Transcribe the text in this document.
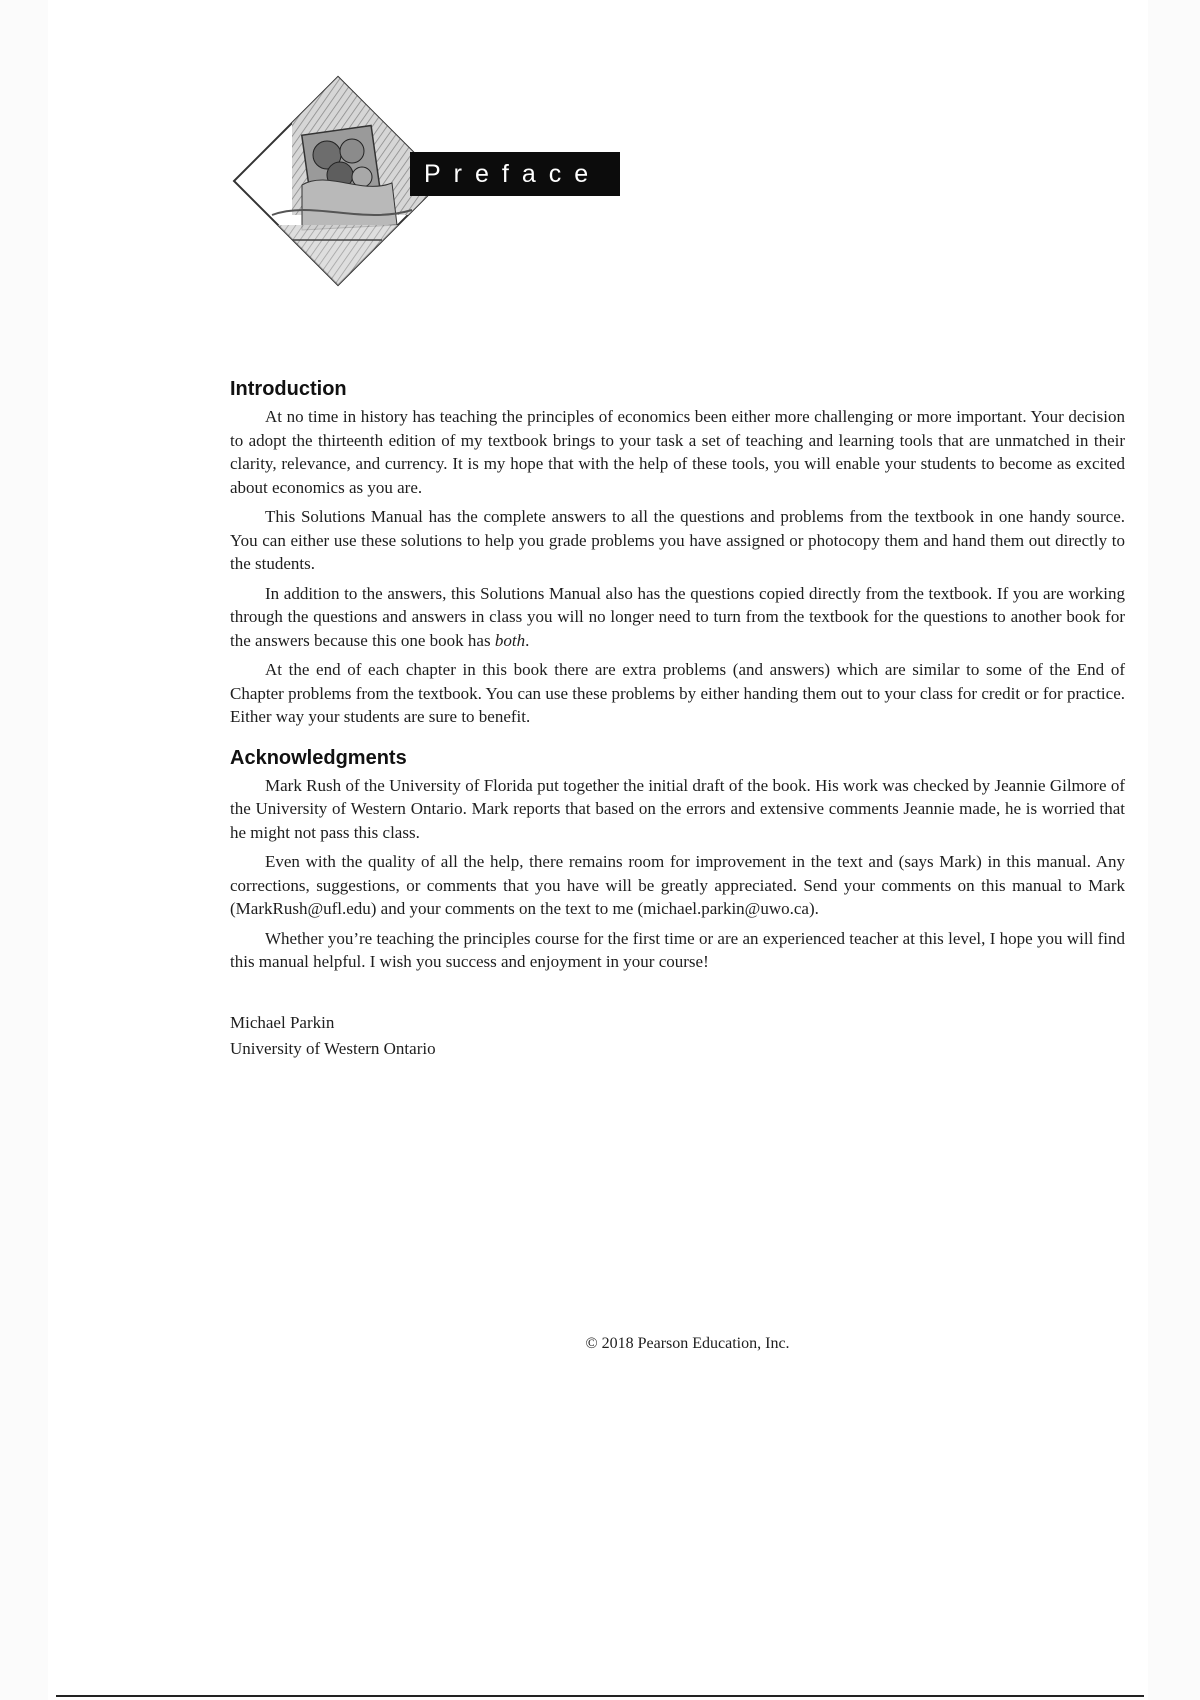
Preface
Introduction

At no time in history has teaching the principles of economics been either more challenging or more important. Your decision to adopt the thirteenth edition of my textbook brings to your task a set of teaching and learning tools that are unmatched in their clarity, relevance, and currency. It is my hope that with the help of these tools, you will enable your students to become as excited about economics as you are.

This Solutions Manual has the complete answers to all the questions and problems from the textbook in one handy source. You can either use these solutions to help you grade problems you have assigned or photocopy them and hand them out directly to the students.

In addition to the answers, this Solutions Manual also has the questions copied directly from the textbook. If you are working through the questions and answers in class you will no longer need to turn from the textbook for the questions to another book for the answers because this one book has both.

At the end of each chapter in this book there are extra problems (and answers) which are similar to some of the End of Chapter problems from the textbook. You can use these problems by either handing them out to your class for credit or for practice. Either way your students are sure to benefit.

Acknowledgments

Mark Rush of the University of Florida put together the initial draft of the book. His work was checked by Jeannie Gilmore of the University of Western Ontario. Mark reports that based on the errors and extensive comments Jeannie made, he is worried that he might not pass this class.

Even with the quality of all the help, there remains room for improvement in the text and (says Mark) in this manual. Any corrections, suggestions, or comments that you have will be greatly appreciated. Send your comments on this manual to Mark (MarkRush@ufl.edu) and your comments on the text to me (michael.parkin@uwo.ca).

Whether you’re teaching the principles course for the first time or are an experienced teacher at this level, I hope you will find this manual helpful. I wish you success and enjoyment in your course!

Michael Parkin
University of Western Ontario
© 2018 Pearson Education, Inc.
